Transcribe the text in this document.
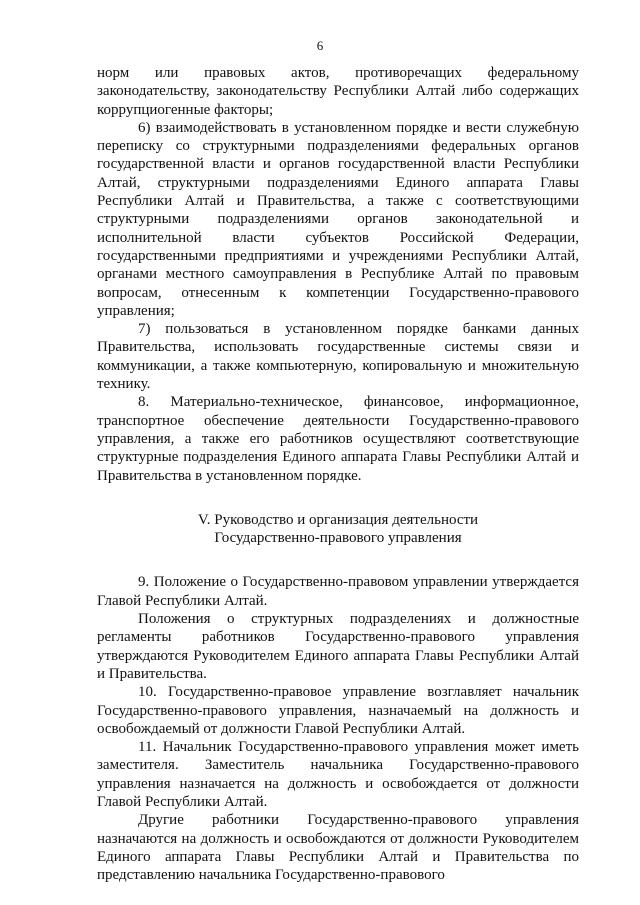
6

норм или правовых актов, противоречащих федеральному законодательству, законодательству Республики Алтай либо содержащих коррупциогенные факторы;

6) взаимодействовать в установленном порядке и вести служебную переписку со структурными подразделениями федеральных органов государственной власти и органов государственной власти Республики Алтай, структурными подразделениями Единого аппарата Главы Республики Алтай и Правительства, а также с соответствующими структурными подразделениями органов законодательной и исполнительной власти субъектов Российской Федерации, государственными предприятиями и учреждениями Республики Алтай, органами местного самоуправления в Республике Алтай по правовым вопросам, отнесенным к компетенции Государственно-правового управления;

7) пользоваться в установленном порядке банками данных Правительства, использовать государственные системы связи и коммуникации, а также компьютерную, копировальную и множительную технику.

8. Материально-техническое, финансовое, информационное, транспортное обеспечение деятельности Государственно-правового управления, а также его работников осуществляют соответствующие структурные подразделения Единого аппарата Главы Республики Алтай и Правительства в установленном порядке.

V. Руководство и организация деятельности
Государственно-правового управления

9. Положение о Государственно-правовом управлении утверждается Главой Республики Алтай.

Положения о структурных подразделениях и должностные регламенты работников Государственно-правового управления утверждаются Руководителем Единого аппарата Главы Республики Алтай и Правительства.

10. Государственно-правовое управление возглавляет начальник Государственно-правового управления, назначаемый на должность и освобождаемый от должности Главой Республики Алтай.

11. Начальник Государственно-правового управления может иметь заместителя. Заместитель начальника Государственно-правового управления назначается на должность и освобождается от должности Главой Республики Алтай.

Другие работники Государственно-правового управления назначаются на должность и освобождаются от должности Руководителем Единого аппарата Главы Республики Алтай и Правительства по представлению начальника Государственно-правового
